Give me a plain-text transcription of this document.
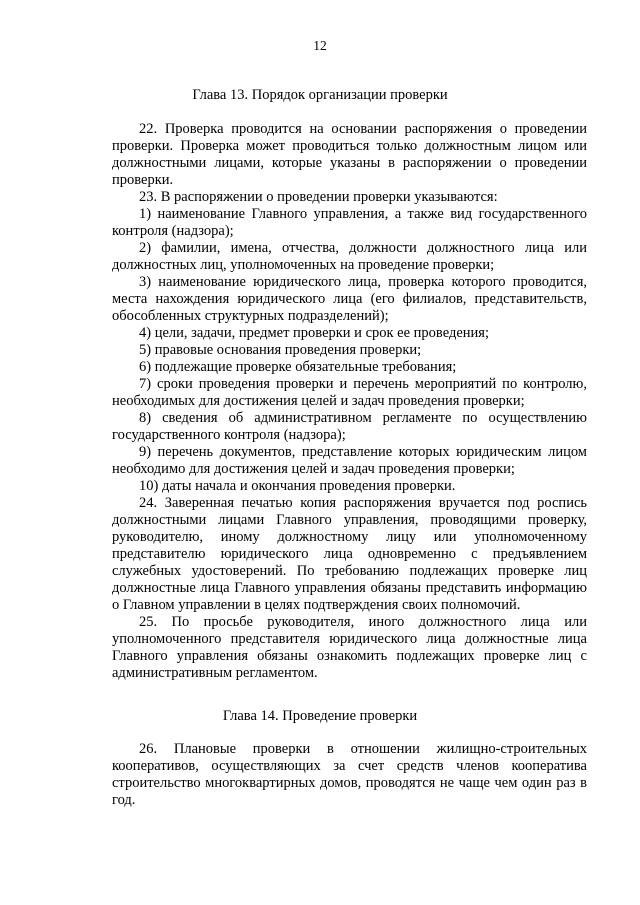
12
Глава 13. Порядок организации проверки

22. Проверка проводится на основании распоряжения о проведении проверки. Проверка может проводиться только должностным лицом или должностными лицами, которые указаны в распоряжении о проведении проверки.

23. В распоряжении о проведении проверки указываются:

1) наименование Главного управления, а также вид государственного контроля (надзора);

2) фамилии, имена, отчества, должности должностного лица или должностных лиц, уполномоченных на проведение проверки;

3) наименование юридического лица, проверка которого проводится, места нахождения юридического лица (его филиалов, представительств, обособленных структурных подразделений);

4) цели, задачи, предмет проверки и срок ее проведения;

5) правовые основания проведения проверки;

6) подлежащие проверке обязательные требования;

7) сроки проведения проверки и перечень мероприятий по контролю, необходимых для достижения целей и задач проведения проверки;

8) сведения об административном регламенте по осуществлению государственного контроля (надзора);

9) перечень документов, представление которых юридическим лицом необходимо для достижения целей и задач проведения проверки;

10) даты начала и окончания проведения проверки.

24. Заверенная печатью копия распоряжения вручается под роспись должностными лицами Главного управления, проводящими проверку, руководителю, иному должностному лицу или уполномоченному представителю юридического лица одновременно с предъявлением служебных удостоверений. По требованию подлежащих проверке лиц должностные лица Главного управления обязаны представить информацию о Главном управлении в целях подтверждения своих полномочий.

25. По просьбе руководителя, иного должностного лица или уполномоченного представителя юридического лица должностные лица Главного управления обязаны ознакомить подлежащих проверке лиц с административным регламентом.

Глава 14. Проведение проверки

26. Плановые проверки в отношении жилищно-строительных кооперативов, осуществляющих за счет средств членов кооператива строительство многоквартирных домов, проводятся не чаще чем один раз в год.
